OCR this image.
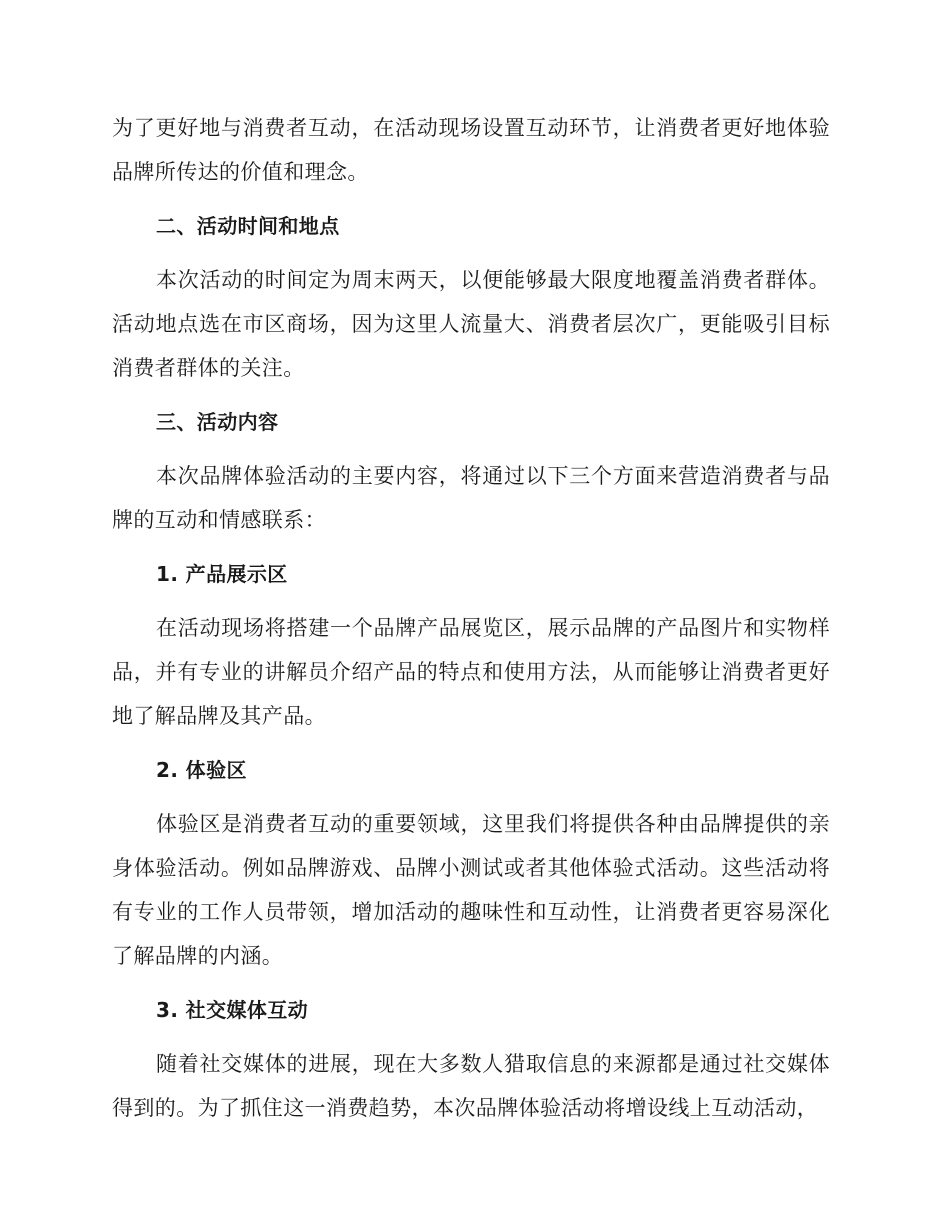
为了更好地与消费者互动，在活动现场设置互动环节，让消费者更好地体验品牌所传达的价值和理念。

二、活动时间和地点

本次活动的时间定为周末两天，以便能够最大限度地覆盖消费者群体。活动地点选在市区商场，因为这里人流量大、消费者层次广，更能吸引目标消费者群体的关注。

三、活动内容

本次品牌体验活动的主要内容，将通过以下三个方面来营造消费者与品牌的互动和情感联系：

1. 产品展示区

在活动现场将搭建一个品牌产品展览区，展示品牌的产品图片和实物样品，并有专业的讲解员介绍产品的特点和使用方法，从而能够让消费者更好地了解品牌及其产品。

2. 体验区

体验区是消费者互动的重要领域，这里我们将提供各种由品牌提供的亲身体验活动。例如品牌游戏、品牌小测试或者其他体验式活动。这些活动将有专业的工作人员带领，增加活动的趣味性和互动性，让消费者更容易深化了解品牌的内涵。

3. 社交媒体互动

随着社交媒体的进展，现在大多数人猎取信息的来源都是通过社交媒体得到的。为了抓住这一消费趋势，本次品牌体验活动将增设线上互动活动，
